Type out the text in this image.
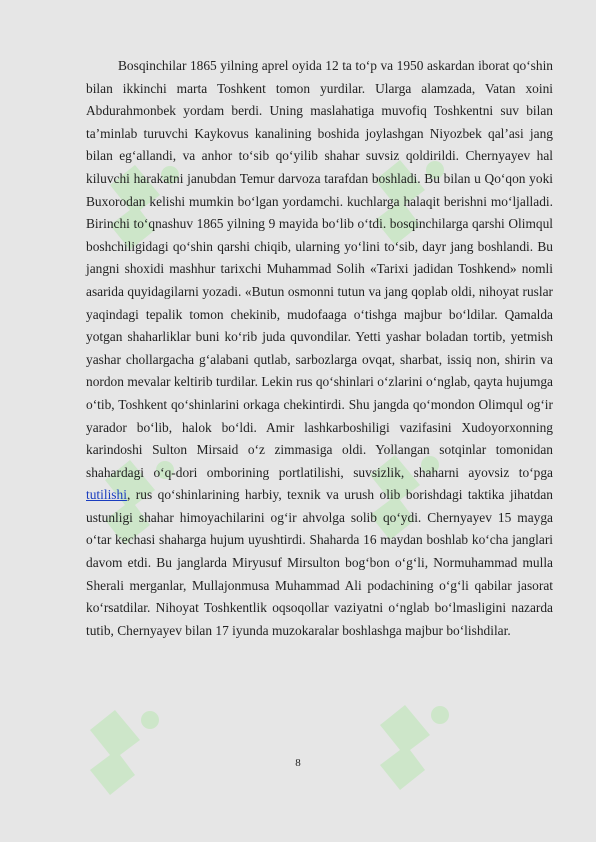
Bosqinchilar 1865 yilning aprel oyida 12 ta to‘p va 1950 askardan iborat qo‘shin bilan ikkinchi marta Toshkent tomon yurdilar. Ularga alamzada, Vatan xoini Abdurahmonbek yordam berdi. Uning maslahatiga muvofiq Toshkentni suv bilan ta’minlab turuvchi Kaykovus kanalining boshida joylashgan Niyozbek qal’asi jang bilan eg‘allandi, va anhor to‘sib qo‘yilib shahar suvsiz qoldirildi. Chernyayev hal kiluvchi harakatni janubdan Temur darvoza tarafdan boshladi. Bu bilan u Qo‘qon yoki Buxorodan kelishi mumkin bo‘lgan yordamchi. kuchlarga halaqit berishni mo‘ljalladi. Birinchi to‘qnashuv 1865 yilning 9 mayida bo‘lib o‘tdi. bosqinchilarga qarshi Olimqul boshchiligidagi qo‘shin qarshi chiqib, ularning yo‘lini to‘sib, dayr jang boshlandi. Bu jangni shoxidi mashhur tarixchi Muhammad Solih «Tarixi jadidan Toshkend» nomli asarida quyidagilarni yozadi. «Butun osmonni tutun va jang qoplab oldi, nihoyat ruslar yaqindagi tepalik tomon chekinib, mudofaaga o‘tishga majbur bo‘ldilar. Qamalda yotgan shaharliklar buni ko‘rib juda quvondilar. Yetti yashar boladan tortib, yetmish yashar chollargacha g‘alabani qutlab, sarbozlarga ovqat, sharbat, issiq non, shirin va nordon mevalar keltirib turdilar. Lekin rus qo‘shinlari o‘zlarini o‘nglab, qayta hujumga o‘tib, Toshkent qo‘shinlarini orkaga chekintirdi. Shu jangda qo‘mondon Olimqul og‘ir yarador bo‘lib, halok bo‘ldi. Amir lashkarboshiligi vazifasini Xudoyorxonning karindoshi Sulton Mirsaid o‘z zimmasiga oldi. Yollangan sotqinlar tomonidan shahardagi o‘q-dori omborining portlatilishi, suvsizlik, shaharni ayovsiz to‘pga tutilishi, rus qo‘shinlarining harbiy, texnik va urush olib borishdagi taktika jihatdan ustunligi shahar himoyachilarini og‘ir ahvolga solib qo‘ydi. Chernyayev 15 mayga o‘tar kechasi shaharga hujum uyushtirdi. Shaharda 16 maydan boshlab ko‘cha janglari davom etdi. Bu janglarda Miryusuf Mirsulton bog‘bon o‘g‘li, Normuhammad mulla Sherali merganlar, Mullajonmusa Muhammad Ali podachining o‘g‘li qabilar jasorat ko‘rsatdilar. Nihoyat Toshkentlik oqsoqollar vaziyatni o‘nglab bo‘lmasligini nazarda tutib, Chernyayev bilan 17 iyunda muzokaralar boshlashga majbur bo‘lishdilar.

8
